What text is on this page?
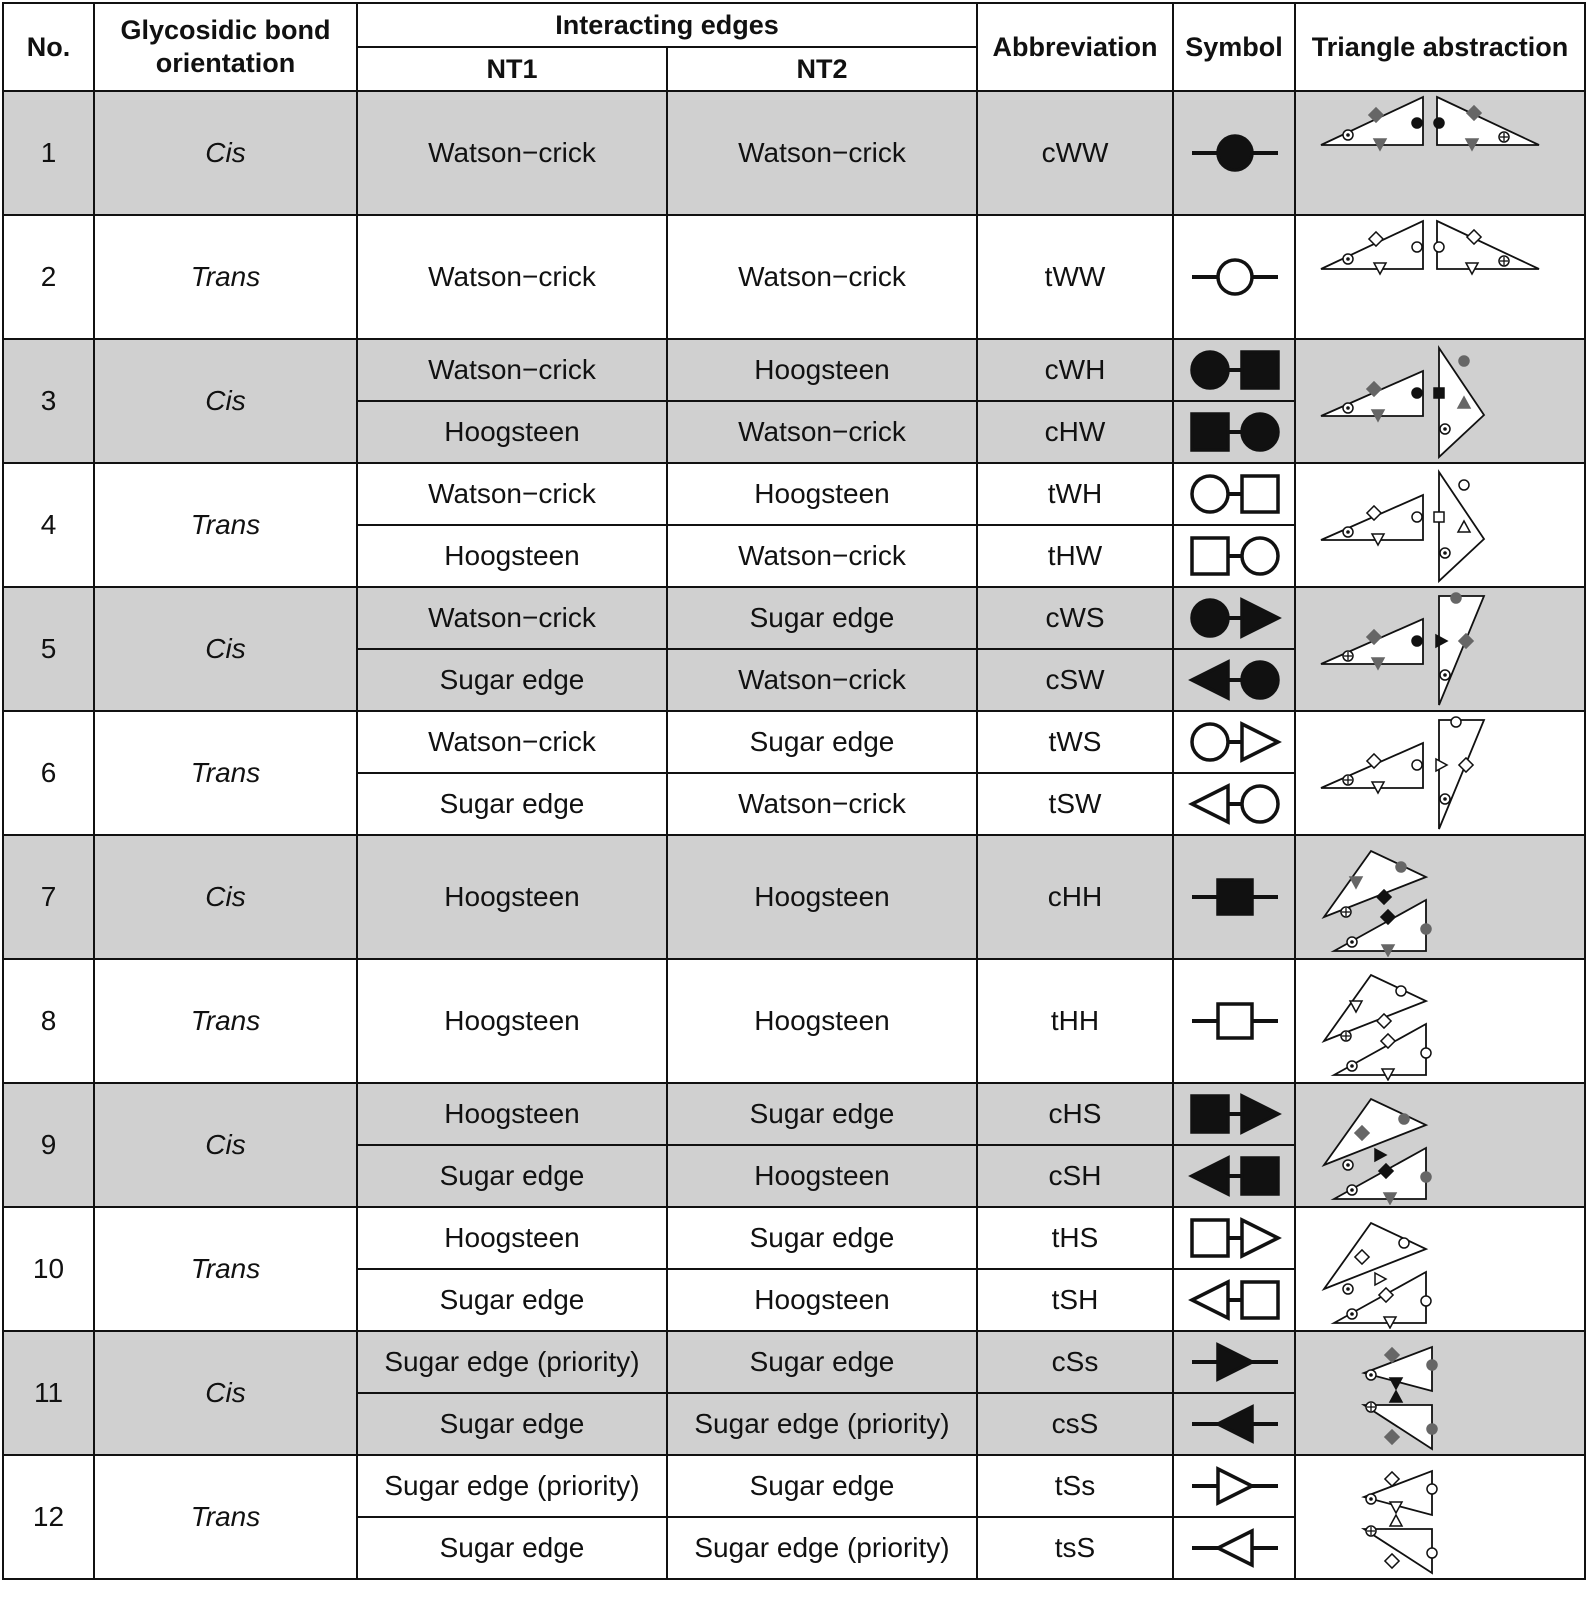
No.	Glycosidic bond orientation	Interacting edges		Abbreviation	Symbol	Triangle abstraction
		NT1	NT2			
1	Cis	Watson−crick	Watson−crick	cWW	

2	Trans	Watson−crick	Watson−crick	tWW	

3	Cis	Watson−crick	Hoogsteen	cWH	

		Hoogsteen	Watson−crick	cHW	

4	Trans	Watson−crick	Hoogsteen	tWH	

		Hoogsteen	Watson−crick	tHW	

5	Cis	Watson−crick	Sugar edge	cWS	

		Sugar edge	Watson−crick	cSW	

6	Trans	Watson−crick	Sugar edge	tWS	

		Sugar edge	Watson−crick	tSW	

7	Cis	Hoogsteen	Hoogsteen	cHH	

8	Trans	Hoogsteen	Hoogsteen	tHH	

9	Cis	Hoogsteen	Sugar edge	cHS	

		Sugar edge	Hoogsteen	cSH	

10	Trans	Hoogsteen	Sugar edge	tHS	

		Sugar edge	Hoogsteen	tSH	

11	Cis	Sugar edge (priority)	Sugar edge	cSs	

		Sugar edge	Sugar edge (priority)	csS	

12	Trans	Sugar edge (priority)	Sugar edge	tSs	

		Sugar edge	Sugar edge (priority)	tsS	
